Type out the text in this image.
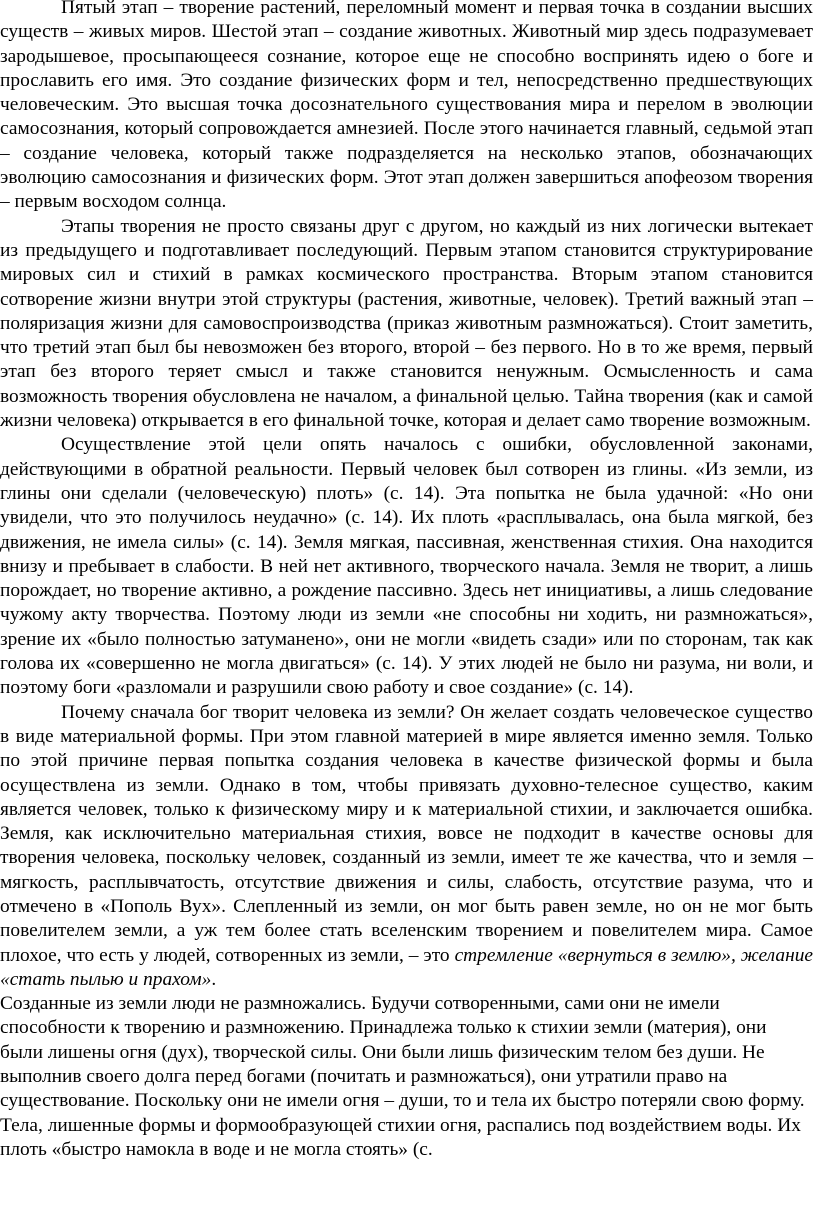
Пятый этап – творение растений, переломный момент и первая точка в создании высших существ – живых миров. Шестой этап – создание животных. Животный мир здесь подразумевает зародышевое, просыпающееся сознание, которое еще не способно воспринять идею о боге и прославить его имя. Это создание физических форм и тел, непосредственно предшествующих человеческим. Это высшая точка досознательного существования мира и перелом в эволюции самосознания, который сопровождается амнезией. После этого начинается главный, седьмой этап – создание человека, который также подразделяется на несколько этапов, обозначающих эволюцию самосознания и физических форм. Этот этап должен завершиться апофеозом творения – первым восходом солнца.

Этапы творения не просто связаны друг с другом, но каждый из них логически вытекает из предыдущего и подготавливает последующий. Первым этапом становится структурирование мировых сил и стихий в рамках космического пространства. Вторым этапом становится сотворение жизни внутри этой структуры (растения, животные, человек). Третий важный этап – поляризация жизни для самовоспроизводства (приказ животным размножаться). Стоит заметить, что третий этап был бы невозможен без второго, второй – без первого. Но в то же время, первый этап без второго теряет смысл и также становится ненужным. Осмысленность и сама возможность творения обусловлена не началом, а финальной целью. Тайна творения (как и самой жизни человека) открывается в его финальной точке, которая и делает само творение возможным.

Осуществление этой цели опять началось с ошибки, обусловленной законами, действующими в обратной реальности. Первый человек был сотворен из глины. «Из земли, из глины они сделали (человеческую) плоть» (с. 14). Эта попытка не была удачной: «Но они увидели, что это получилось неудачно» (с. 14). Их плоть «расплывалась, она была мягкой, без движения, не имела силы» (с. 14). Земля мягкая, пассивная, женственная стихия. Она находится внизу и пребывает в слабости. В ней нет активного, творческого начала. Земля не творит, а лишь порождает, но творение активно, а рождение пассивно. Здесь нет инициативы, а лишь следование чужому акту творчества. Поэтому люди из земли «не способны ни ходить, ни размножаться», зрение их «было полностью затуманено», они не могли «видеть сзади» или по сторонам, так как голова их «совершенно не могла двигаться» (с. 14). У этих людей не было ни разума, ни воли, и поэтому боги «разломали и разрушили свою работу и свое создание» (с. 14).

Почему сначала бог творит человека из земли? Он желает создать человеческое существо в виде материальной формы. При этом главной материей в мире является именно земля. Только по этой причине первая попытка создания человека в качестве физической формы и была осуществлена из земли. Однако в том, чтобы привязать духовно-телесное существо, каким является человек, только к физическому миру и к материальной стихии, и заключается ошибка. Земля, как исключительно материальная стихия, вовсе не подходит в качестве основы для творения человека, поскольку человек, созданный из земли, имеет те же качества, что и земля – мягкость, расплывчатость, отсутствие движения и силы, слабость, отсутствие разума, что и отмечено в «Пополь Вух». Слепленный из земли, он мог быть равен земле, но он не мог быть повелителем земли, а уж тем более стать вселенским творением и повелителем мира. Самое плохое, что есть у людей, сотворенных из земли, – это стремление «вернуться в землю», желание «стать пылью и прахом».

Созданные из земли люди не размножались. Будучи сотворенными, сами они не имели способности к творению и размножению. Принадлежа только к стихии земли (материя), они были лишены огня (дух), творческой силы. Они были лишь физическим телом без души. Не выполнив своего долга перед богами (почитать и размножаться), они утратили право на существование. Поскольку они не имели огня – души, то и тела их быстро потеряли свою форму. Тела, лишенные формы и формообразующей стихии огня, распались под воздействием воды. Их плоть «быстро намокла в воде и не могла стоять» (с.
